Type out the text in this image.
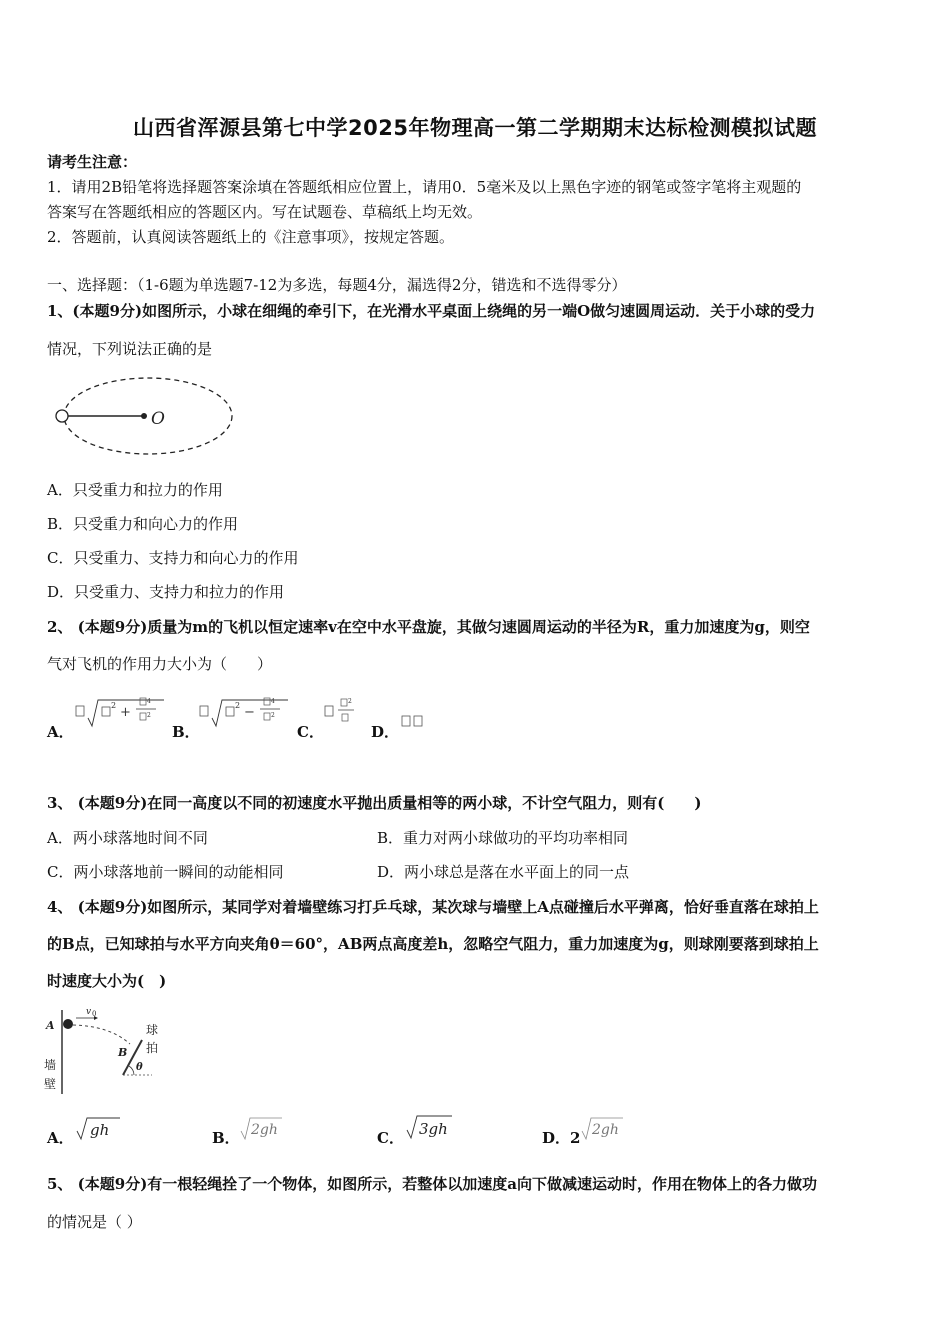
山西省浑源县第七中学2025年物理高一第二学期期末达标检测模拟试题
请考生注意：
1．请用2B铅笔将选择题答案涂填在答题纸相应位置上，请用0．5毫米及以上黑色字迹的钢笔或签字笔将主观题的
答案写在答题纸相应的答题区内。写在试题卷、草稿纸上均无效。
2．答题前，认真阅读答题纸上的《注意事项》，按规定答题。
一、选择题：（1-6题为单选题7-12为多选，每题4分，漏选得2分，错选和不选得零分）
1、(本题9分)如图所示，小球在细绳的牵引下，在光滑水平桌面上绕绳的另一端O做匀速圆周运动．关于小球的受力
情况，下列说法正确的是
O
A．只受重力和拉力的作用
B．只受重力和向心力的作用
C．只受重力、支持力和向心力的作用
D．只受重力、支持力和拉力的作用
2、 (本题9分)质量为m的飞机以恒定速率v在空中水平盘旋，其做匀速圆周运动的半径为R，重力加速度为g，则空
气对飞机的作用力大小为（　　）
A．
2 +
4
2
B．
2 −
4
2
C．
2
D．
3、 (本题9分)在同一高度以不同的初速度水平抛出质量相等的两小球，不计空气阻力，则有(　　)
A．两小球落地时间不同	B．重力对两小球做功的平均功率相同
C．两小球落地前一瞬间的动能相同	D．两小球总是落在水平面上的同一点
4、 (本题9分)如图所示，某同学对着墙壁练习打乒乓球，某次球与墙壁上A点碰撞后水平弹离，恰好垂直落在球拍上
的B点，已知球拍与水平方向夹角θ＝60°，AB两点高度差h，忽略空气阻力，重力加速度为g，则球刚要落到球拍上
时速度大小为(　)
A
v 0
B
θ
球
拍
墙
壁
A． gh	B． 2gh	C． 3gh	D． 2 2gh
5、 (本题9分)有一根轻绳拴了一个物体，如图所示，若整体以加速度a向下做减速运动时，作用在物体上的各力做功
的情况是（ ）
